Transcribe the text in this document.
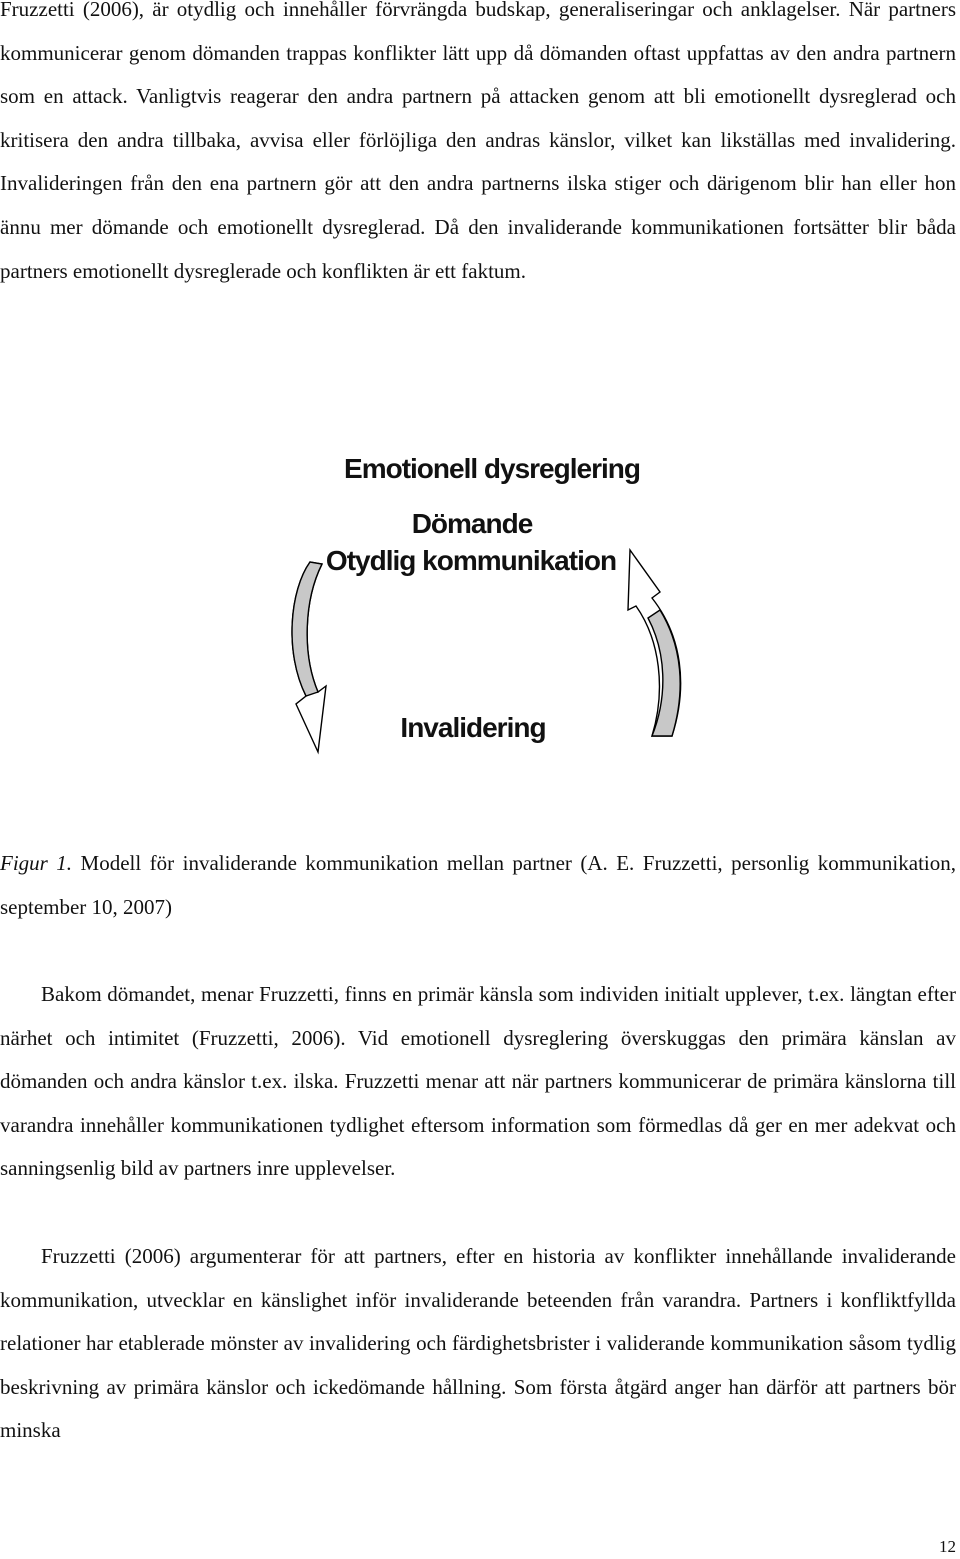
Fruzzetti (2006), är otydlig och innehåller förvrängda budskap, generaliseringar och anklagelser. När partners kommunicerar genom dömanden trappas konflikter lätt upp då dömanden oftast uppfattas av den andra partnern som en attack. Vanligtvis reagerar den andra partnern på attacken genom att bli emotionellt dysreglerad och kritisera den andra tillbaka, avvisa eller förlöjliga den andras känslor, vilket kan likställas med invalidering. Invalideringen från den ena partnern gör att den andra partnerns ilska stiger och därigenom blir han eller hon ännu mer dömande och emotionellt dysreglerad. Då den invaliderande kommunikationen fortsätter blir båda partners emotionellt dysreglerade och konflikten är ett faktum.

Emotionell dysreglering
Dömande
Otydlig kommunikation
Invalidering

Figur 1. Modell för invaliderande kommunikation mellan partner (A. E. Fruzzetti, personlig kommunikation, september 10, 2007)

Bakom dömandet, menar Fruzzetti, finns en primär känsla som individen initialt upplever, t.ex. längtan efter närhet och intimitet (Fruzzetti, 2006). Vid emotionell dysreglering överskuggas den primära känslan av dömanden och andra känslor t.ex. ilska. Fruzzetti menar att när partners kommunicerar de primära känslorna till varandra innehåller kommunikationen tydlighet eftersom information som förmedlas då ger en mer adekvat och sanningsenlig bild av partners inre upplevelser.

Fruzzetti (2006) argumenterar för att partners, efter en historia av konflikter innehållande invaliderande kommunikation, utvecklar en känslighet inför invaliderande beteenden från varandra. Partners i konfliktfyllda relationer har etablerade mönster av invalidering och färdighetsbrister i validerande kommunikation såsom tydlig beskrivning av primära känslor och ickedömande hållning. Som första åtgärd anger han därför att partners bör minska

12
